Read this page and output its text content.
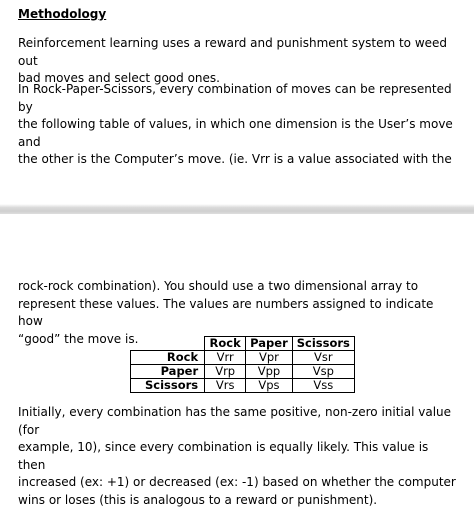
Methodology

Reinforcement learning uses a reward and punishment system to weed out
bad moves and select good ones.

In Rock-Paper-Scissors, every combination of moves can be represented by
the following table of values, in which one dimension is the User’s move and
the other is the Computer’s move. (ie. Vrr is a value associated with the

rock-rock combination). You should use a two dimensional array to
represent these values. The values are numbers assigned to indicate how
“good” the move is.

		Rock	Paper	Scissors
Rock	Vrr	Vpr	Vsr
Paper	Vrp	Vpp	Vsp
Scissors	Vrs	Vps	Vss

Initially, every combination has the same positive, non-zero initial value (for
example, 10), since every combination is equally likely. This value is then
increased (ex: +1) or decreased (ex: -1) based on whether the computer
wins or loses (this is analogous to a reward or punishment).
